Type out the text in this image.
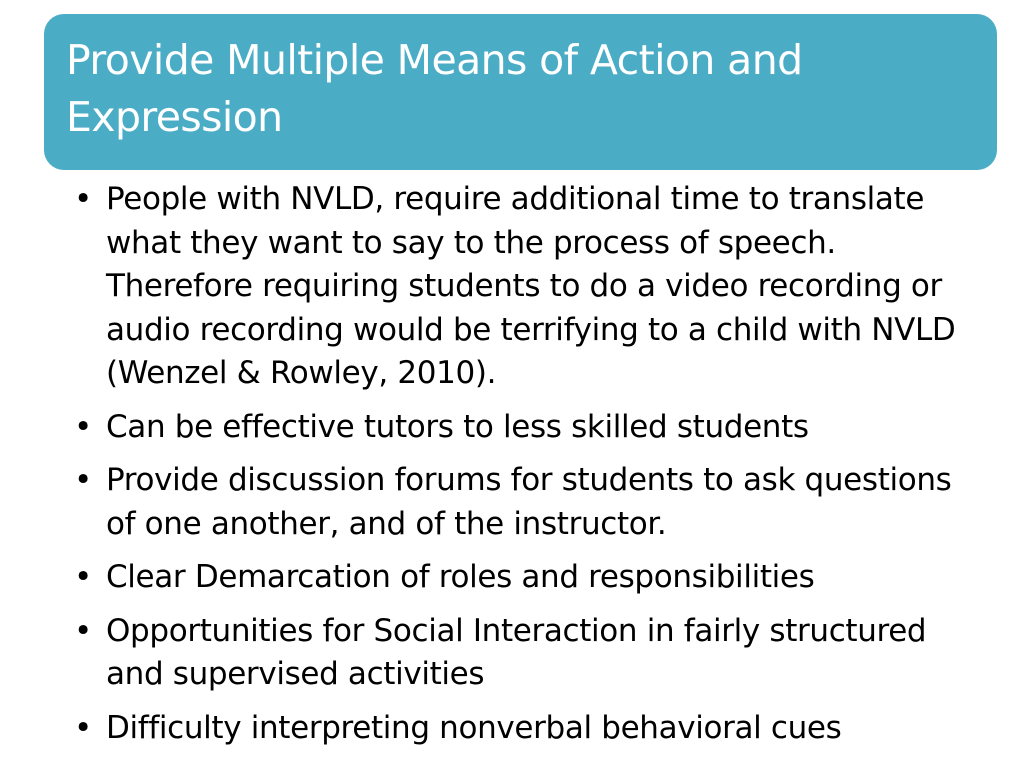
Provide Multiple Means of Action and Expression
• People with NVLD, require additional time to translate what they want to say to the process of speech. Therefore requiring students to do a video recording or audio recording would be terrifying to a child with NVLD (Wenzel & Rowley, 2010).
• Can be effective tutors to less skilled students
• Provide discussion forums for students to ask questions of one another, and of the instructor.
• Clear Demarcation of roles and responsibilities
• Opportunities for Social Interaction in fairly structured and supervised activities
• Difficulty interpreting nonverbal behavioral cues
